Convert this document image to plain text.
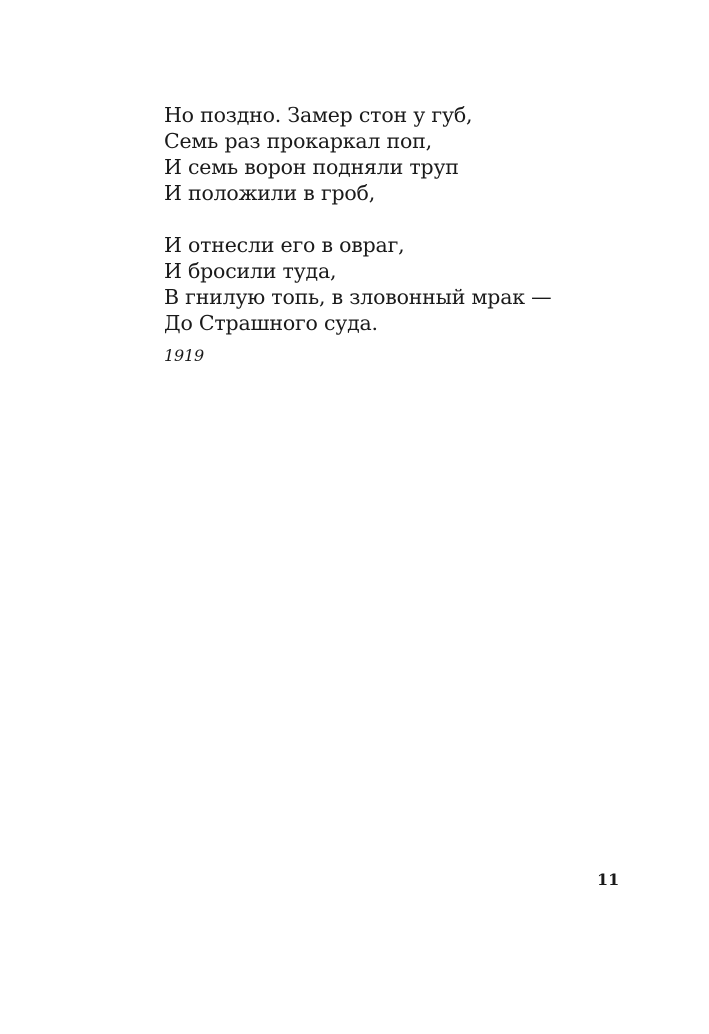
Но поздно. Замер стон у губ,
Семь раз прокаркал поп,
И семь ворон подняли труп
И положили в гроб,
И отнесли его в овраг,
И бросили туда,
В гнилую топь, в зловонный мрак —
До Страшного суда.
1919
11
